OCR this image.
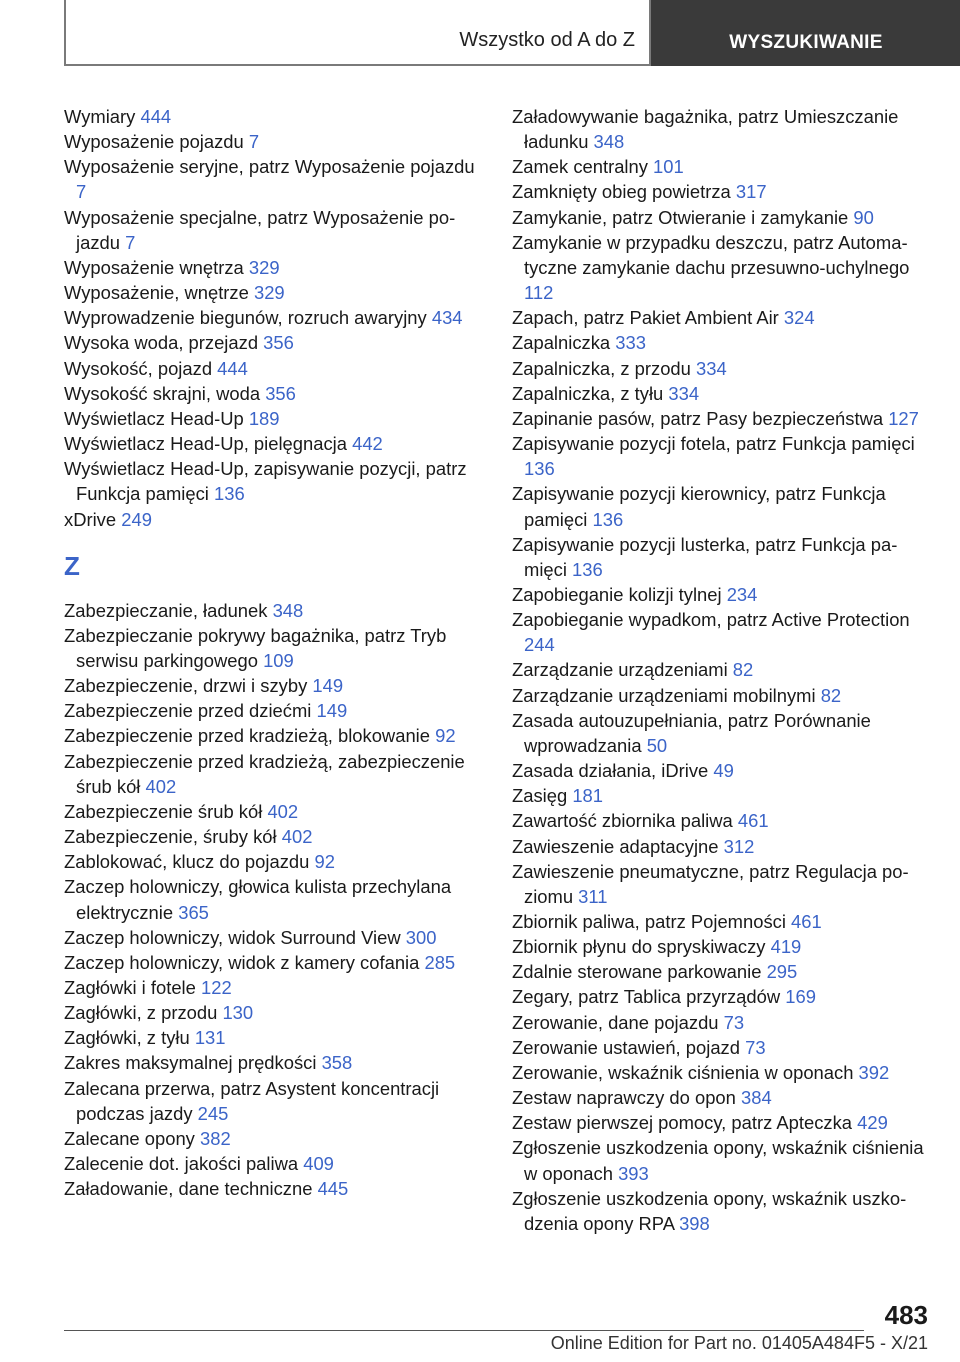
Wszystko od A do Z	WYSZUKIWANIE
Wymiary 444
Wyposażenie pojazdu 7
Wyposażenie seryjne, patrz Wyposażenie pojazdu 7
Wyposażenie specjalne, patrz Wyposażenie pojazdu 7
Wyposażenie wnętrza 329
Wyposażenie, wnętrze 329
Wyprowadzenie biegunów, rozruch awaryjny 434
Wysoka woda, przejazd 356
Wysokość, pojazd 444
Wysokość skrajni, woda 356
Wyświetlacz Head-Up 189
Wyświetlacz Head-Up, pielęgnacja 442
Wyświetlacz Head-Up, zapisywanie pozycji, patrz Funkcja pamięci 136
xDrive 249
Z
Zabezpieczanie, ładunek 348
Zabezpieczanie pokrywy bagażnika, patrz Tryb serwisu parkingowego 109
Zabezpieczenie, drzwi i szyby 149
Zabezpieczenie przed dziećmi 149
Zabezpieczenie przed kradzieżą, blokowanie 92
Zabezpieczenie przed kradzieżą, zabezpieczenie śrub kół 402
Zabezpieczenie śrub kół 402
Zabezpieczenie, śruby kół 402
Zablokować, klucz do pojazdu 92
Zaczep holowniczy, głowica kulista przechylana elektrycznie 365
Zaczep holowniczy, widok Surround View 300
Zaczep holowniczy, widok z kamery cofania 285
Zagłówki i fotele 122
Zagłówki, z przodu 130
Zagłówki, z tyłu 131
Zakres maksymalnej prędkości 358
Zalecana przerwa, patrz Asystent koncentracji podczas jazdy 245
Zalecane opony 382
Zalecenie dot. jakości paliwa 409
Załadowanie, dane techniczne 445
Załadowywanie bagażnika, patrz Umieszczanie ładunku 348
Zamek centralny 101
Zamknięty obieg powietrza 317
Zamykanie, patrz Otwieranie i zamykanie 90
Zamykanie w przypadku deszczu, patrz Automatyczne zamykanie dachu przesuwno-uchylnego 112
Zapach, patrz Pakiet Ambient Air 324
Zapalniczka 333
Zapalniczka, z przodu 334
Zapalniczka, z tyłu 334
Zapinanie pasów, patrz Pasy bezpieczeństwa 127
Zapisywanie pozycji fotela, patrz Funkcja pamięci 136
Zapisywanie pozycji kierownicy, patrz Funkcja pamięci 136
Zapisywanie pozycji lusterka, patrz Funkcja pamięci 136
Zapobieganie kolizji tylnej 234
Zapobieganie wypadkom, patrz Active Protection 244
Zarządzanie urządzeniami 82
Zarządzanie urządzeniami mobilnymi 82
Zasada autouzupełniania, patrz Porównanie wprowadzania 50
Zasada działania, iDrive 49
Zasięg 181
Zawartość zbiornika paliwa 461
Zawieszenie adaptacyjne 312
Zawieszenie pneumatyczne, patrz Regulacja poziomu 311
Zbiornik paliwa, patrz Pojemności 461
Zbiornik płynu do spryskiwaczy 419
Zdalnie sterowane parkowanie 295
Zegary, patrz Tablica przyrządów 169
Zerowanie, dane pojazdu 73
Zerowanie ustawień, pojazd 73
Zerowanie, wskaźnik ciśnienia w oponach 392
Zestaw naprawczy do opon 384
Zestaw pierwszej pomocy, patrz Apteczka 429
Zgłoszenie uszkodzenia opony, wskaźnik ciśnienia w oponach 393
Zgłoszenie uszkodzenia opony, wskaźnik uszkodzenia opony RPA 398
483
Online Edition for Part no. 01405A484F5 - X/21
